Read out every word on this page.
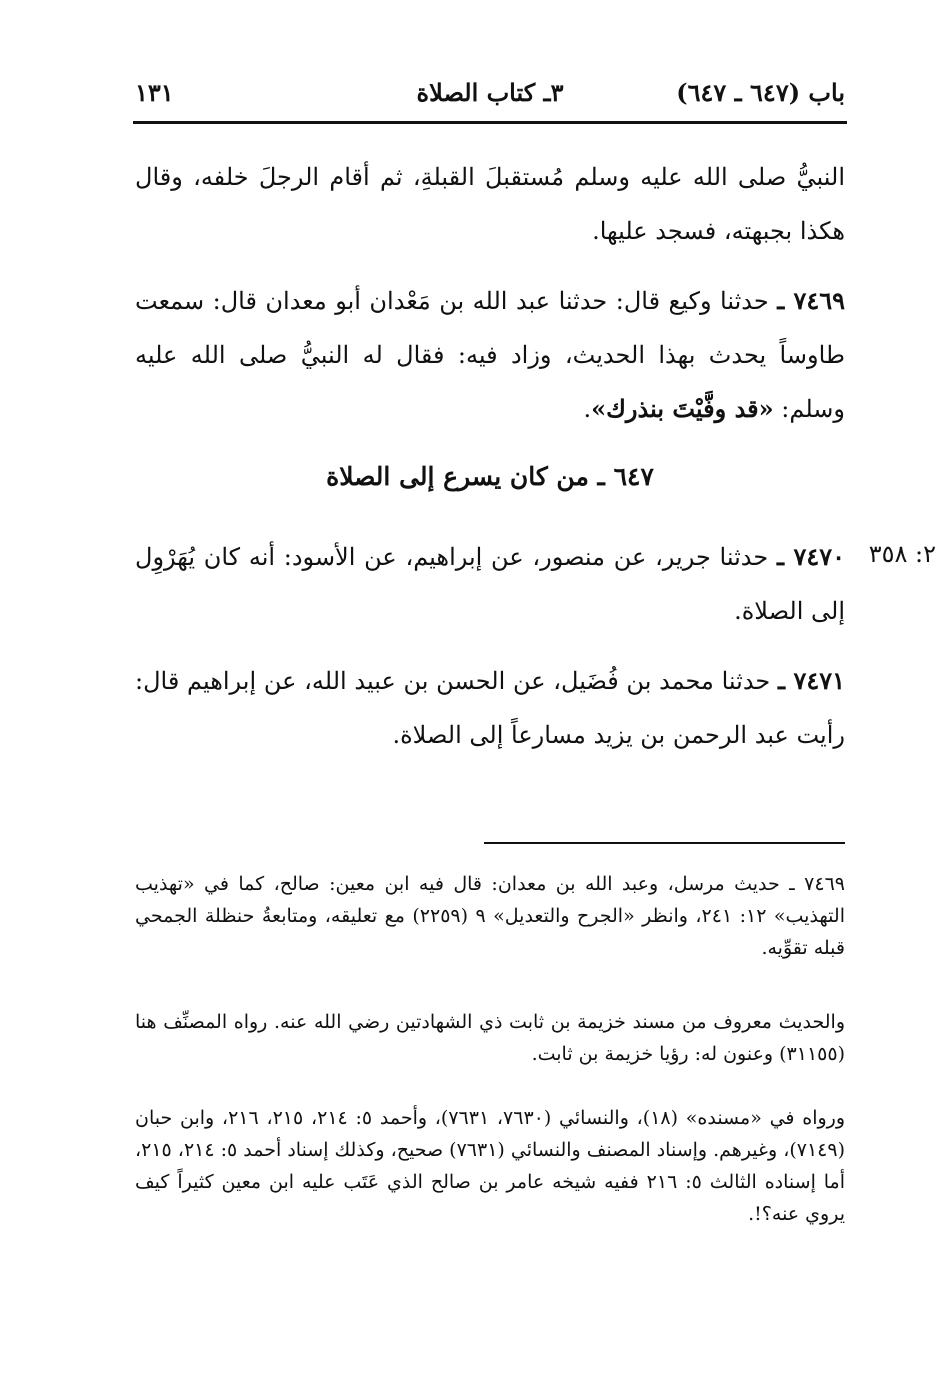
باب (٦٤٧ ـ ٦٤٧)
٣ـ كتاب الصلاة
١٣١

النبيُّ صلى الله عليه وسلم مُستقبلَ القبلةِ، ثم أقام الرجلَ خلفه، وقال هكذا بجبهته، فسجد عليها.

٧٤٦٩ ـ حدثنا وكيع قال: حدثنا عبد الله بن مَعْدان أبو معدان قال: سمعت طاوساً يحدث بهذا الحديث، وزاد فيه: فقال له النبيُّ صلى الله عليه وسلم: «قد وفَّيْتَ بنذرك».

٦٤٧ ـ من كان يسرع إلى الصلاة
٢: ٣٥٨

٧٤٧٠ ـ حدثنا جرير، عن منصور، عن إبراهيم، عن الأسود: أنه كان يُهَرْوِل إلى الصلاة.

٧٤٧١ ـ حدثنا محمد بن فُضَيل، عن الحسن بن عبيد الله، عن إبراهيم قال: رأيت عبد الرحمن بن يزيد مسارعاً إلى الصلاة.

٧٤٦٩ ـ حديث مرسل، وعبد الله بن معدان: قال فيه ابن معين: صالح، كما في «تهذيب التهذيب» ١٢: ٢٤١، وانظر «الجرح والتعديل» ٩ (٢٢٥٩) مع تعليقه، ومتابعةُ حنظلة الجمحي قبله تقوِّيه.

والحديث معروف من مسند خزيمة بن ثابت ذي الشهادتين رضي الله عنه. رواه المصنِّف هنا (٣١١٥٥) وعنون له: رؤيا خزيمة بن ثابت.

ورواه في «مسنده» (١٨)، والنسائي (٧٦٣٠، ٧٦٣١)، وأحمد ٥: ٢١٤، ٢١٥، ٢١٦، وابن حبان (٧١٤٩)، وغيرهم. وإسناد المصنف والنسائي (٧٦٣١) صحيح، وكذلك إسناد أحمد ٥: ٢١٤، ٢١٥، أما إسناده الثالث ٥: ٢١٦ ففيه شيخه عامر بن صالح الذي عَتَب عليه ابن معين كثيراً كيف يروي عنه؟!.
